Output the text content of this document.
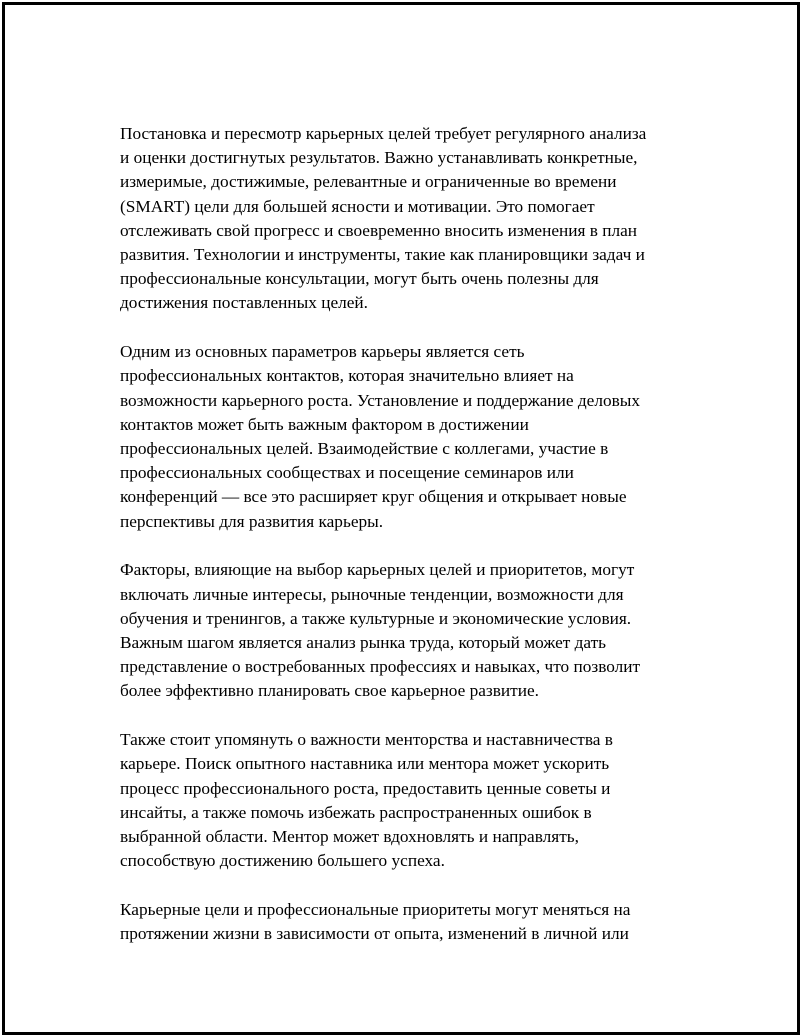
Постановка и пересмотр карьерных целей требует регулярного анализа
и оценки достигнутых результатов. Важно устанавливать конкретные,
измеримые, достижимые, релевантные и ограниченные во времени
(SMART) цели для большей ясности и мотивации. Это помогает
отслеживать свой прогресс и своевременно вносить изменения в план
развития. Технологии и инструменты, такие как планировщики задач и
профессиональные консультации, могут быть очень полезны для
достижения поставленных целей.

Одним из основных параметров карьеры является сеть
профессиональных контактов, которая значительно влияет на
возможности карьерного роста. Установление и поддержание деловых
контактов может быть важным фактором в достижении
профессиональных целей. Взаимодействие с коллегами, участие в
профессиональных сообществах и посещение семинаров или
конференций — все это расширяет круг общения и открывает новые
перспективы для развития карьеры.

Факторы, влияющие на выбор карьерных целей и приоритетов, могут
включать личные интересы, рыночные тенденции, возможности для
обучения и тренингов, а также культурные и экономические условия.
Важным шагом является анализ рынка труда, который может дать
представление о востребованных профессиях и навыках, что позволит
более эффективно планировать свое карьерное развитие.

Также стоит упомянуть о важности менторства и наставничества в
карьере. Поиск опытного наставника или ментора может ускорить
процесс профессионального роста, предоставить ценные советы и
инсайты, а также помочь избежать распространенных ошибок в
выбранной области. Ментор может вдохновлять и направлять,
способствую достижению большего успеха.

Карьерные цели и профессиональные приоритеты могут меняться на
протяжении жизни в зависимости от опыта, изменений в личной или
